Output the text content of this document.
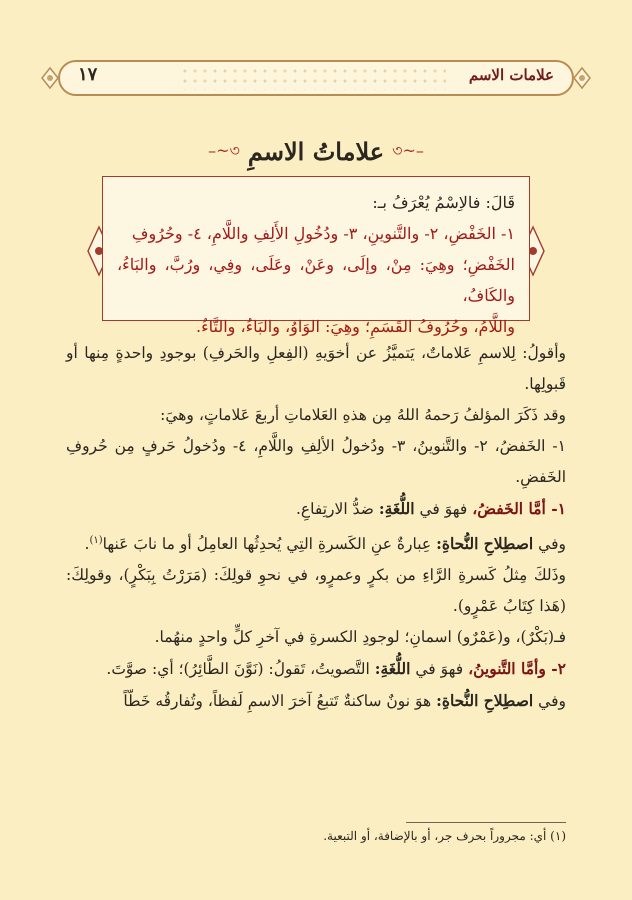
علامات الاسم
١٧
–~৩
علاماتُ الاسمِ
৩~–

قَالَ: فالاِسْمُ يُعْرَفُ بـ:

١- الخَفْضِ، ٢- والتَّنوينِ، ٣- ودُخُولِ الأَلِفِ واللَّامِ، ٤- وحُرُوفِ

الخَفْضِ؛ وهِيَ: مِنْ، وإلَى، وعَنْ، وعَلَى، وفِي، ورُبَّ، والبَاءُ، والكَافُ،

واللَّامُ، وحُرُوفُ القَسَمِ؛ وهِيَ: الوَاوُ، والبَاءُ، والتَّاءُ.

وأقولُ: لِلاسمِ عَلاماتٌ، يَتميَّزُ عن أخوَيهِ (الفِعلِ والحَرفِ) بوجودِ واحدةٍ مِنها أو قَبولِها.

وقد ذَكَرَ المؤلفُ رَحمهُ اللهُ مِن هذهِ العَلاماتِ أربعَ عَلاماتٍ، وهيَ:

١- الخَفضُ، ٢- والتَّنوينُ، ٣- ودُخولُ الألِفِ واللَّامِ، ٤- ودُخولُ حَرفٍ مِن حُروفِ الخَفضِ.

١- أمَّا الخَفضُ، فهوَ في اللُّغَةِ: ضدُّ الارتِفاعِ.

وفي اصطِلاحِ النُّحاةِ: عِبارةٌ عنِ الكَسرةِ التِي يُحدِثُها العامِلُ أو ما نابَ عَنها$^{(١)}$.

وذَلكَ مِثلُ كَسرةِ الرَّاءِ من بكرٍ وعمرٍو، في نحوِ قولِكَ: (مَرَرْتُ بِبَكْرٍ)، وقولِكَ: (هَذا كِتَابُ عَمْرٍو).

فـ(بَكْرٌ)، و(عَمْرٌو) اسمانِ؛ لوجودِ الكسرةِ في آخرِ كلٍّ واحدٍ منهُما.

٢- وأمَّا التَّنوينُ، فهوَ في اللُّغَةِ: التَّصويتُ، تَقولُ: (نَوَّنَ الطَّائِرُ)؛ أي: صوَّتَ.

وفي اصطِلاحِ النُّحاةِ: هوَ نونٌ ساكنةٌ تَتبعُ آخرَ الاسمِ لَفظاً، وتُفارقُه خَطّاً

(١) أي: مجروراً بحرف جر، أو بالإضافة، أو التبعية.
